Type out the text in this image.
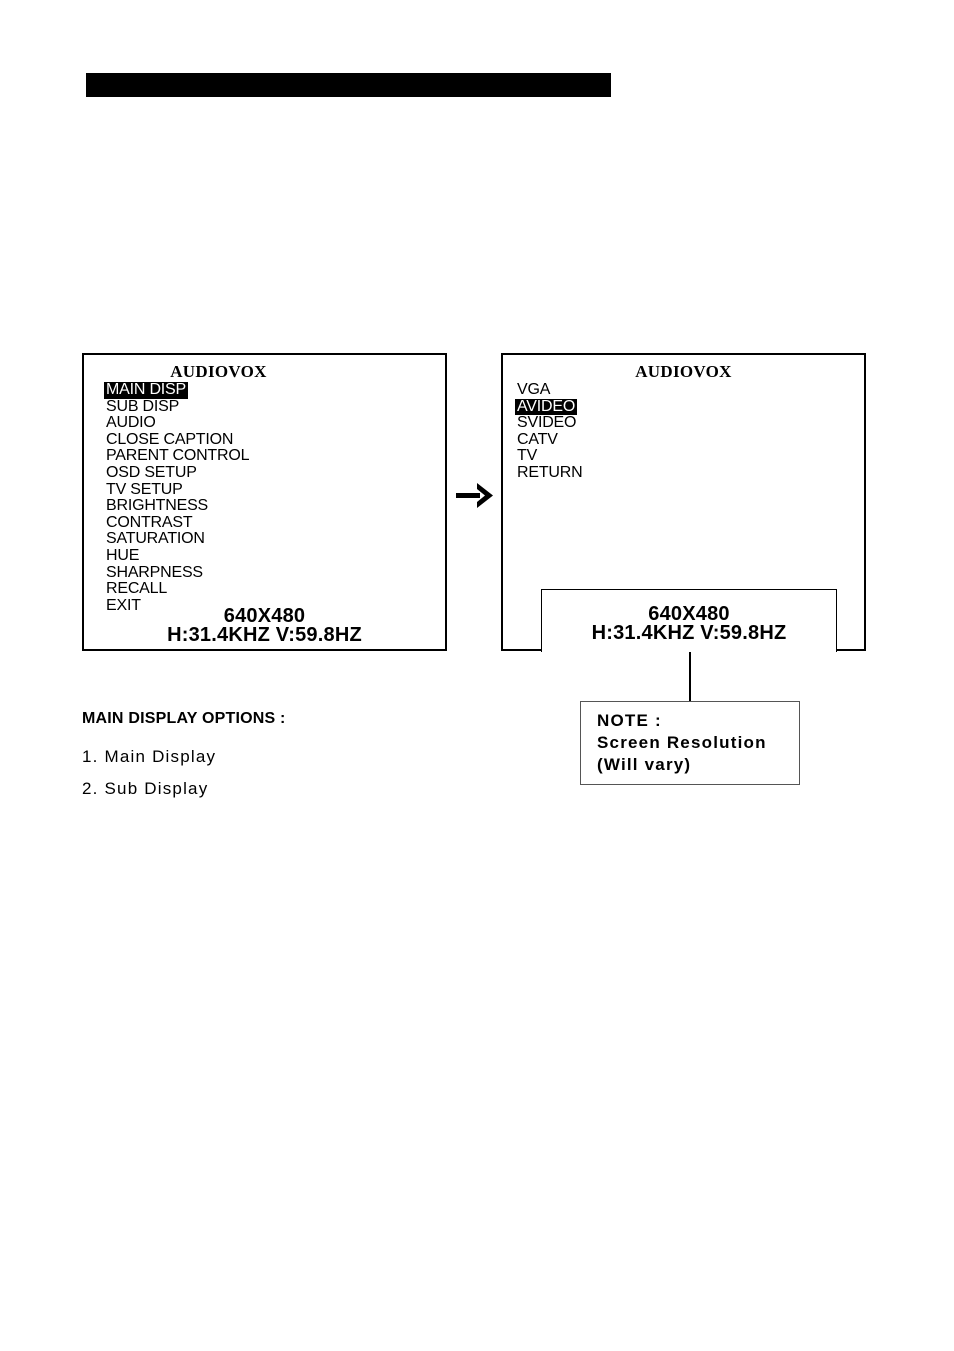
AUDIOVOX
MAIN DISP
SUB DISP
AUDIO
CLOSE CAPTION
PARENT CONTROL
OSD SETUP
TV SETUP
BRIGHTNESS
CONTRAST
SATURATION
HUE
SHARPNESS
RECALL
EXIT	640X480
H:31.4KHZ V:59.8HZ
AUDIOVOX
VGA
AVIDEO
SVIDEO
CATV
TV
RETURN
640X480
H:31.4KHZ V:59.8HZ
NOTE :
Screen Resolution
(Will vary)
MAIN DISPLAY OPTIONS :
1. Main Display
2. Sub Display
